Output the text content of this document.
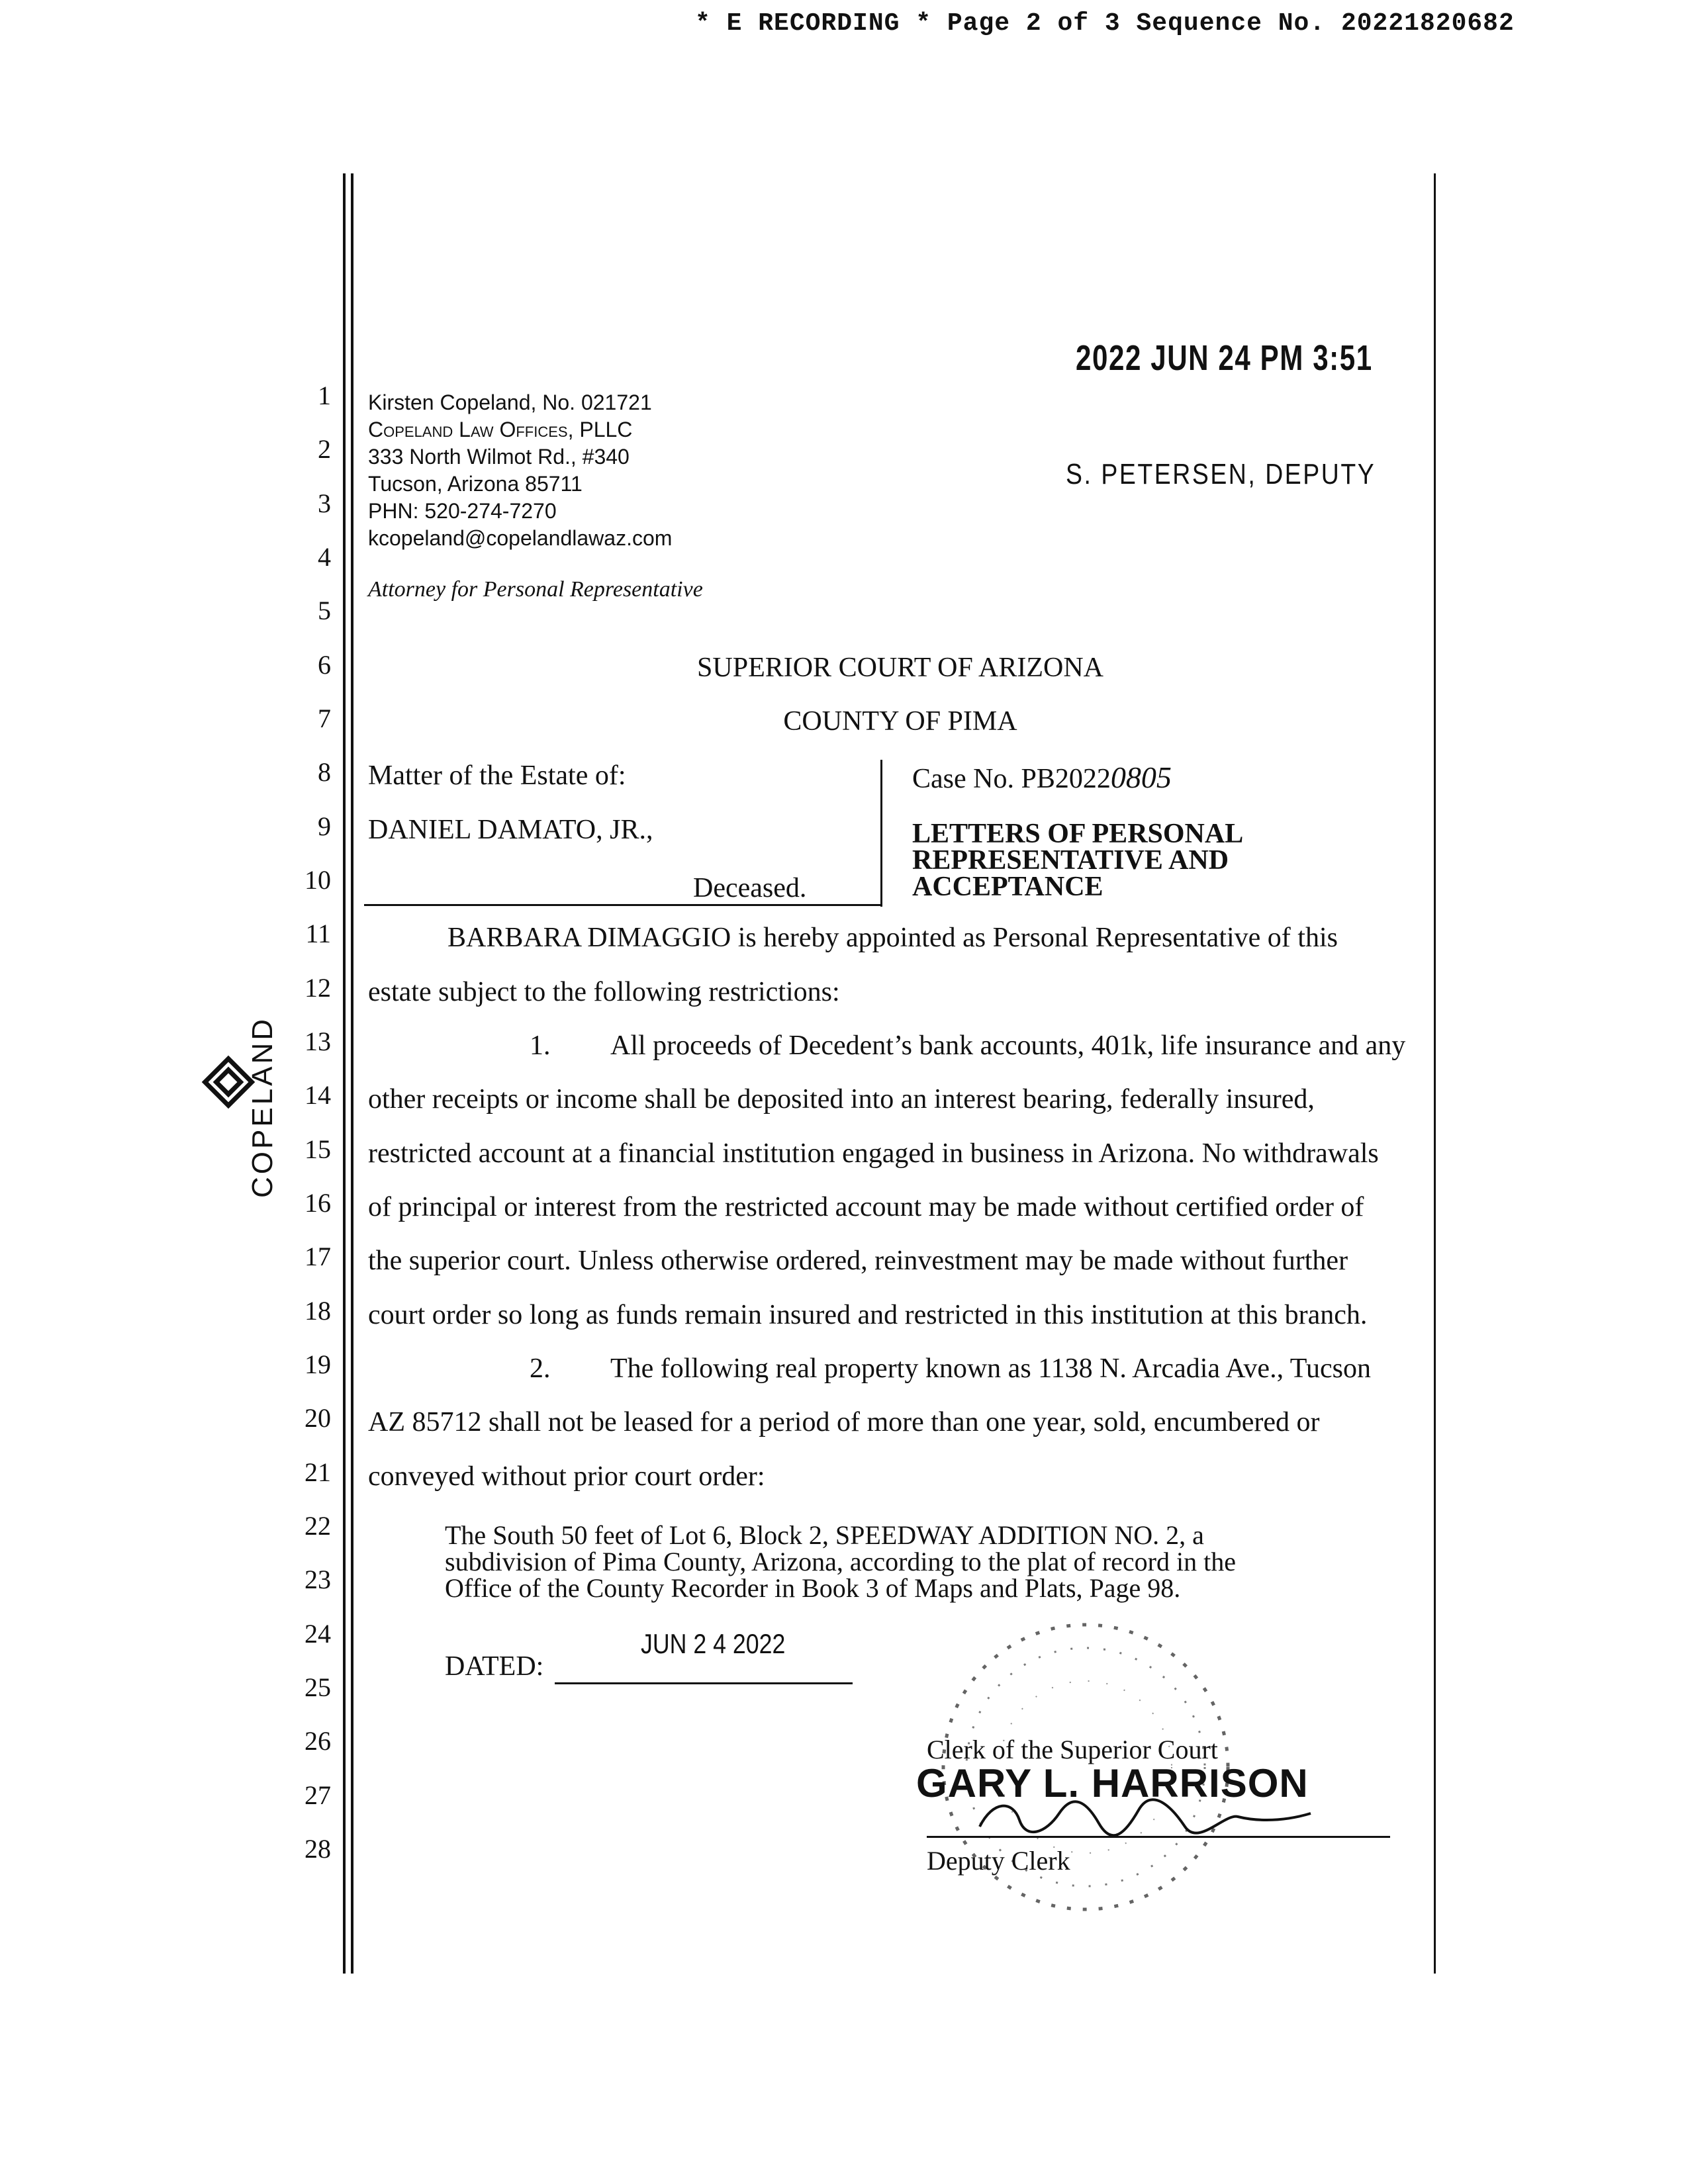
* E RECORDING * Page 2 of 3 Sequence No. 20221820682
1
2
3
4
5
6
7
8
9
10
11
12
13
14
15
16
17
18
19
20
21
22
23
24
25
26
27
28
COPELAND
2022 JUN 24 PM 3:51
S. PETERSEN, DEPUTY
Kirsten Copeland, No. 021721
Copeland Law Offices, PLLC
333 North Wilmot Rd., #340
Tucson, Arizona 85711
PHN: 520-274-7270
kcopeland@copelandlawaz.com
Attorney for Personal Representative
SUPERIOR COURT OF ARIZONA
COUNTY OF PIMA
Matter of the Estate of:
DANIEL DAMATO, JR.,
Deceased.
Case No. PB20220805
LETTERS OF PERSONAL
REPRESENTATIVE AND
ACCEPTANCE
BARBARA DIMAGGIO is hereby appointed as Personal Representative of this
estate subject to the following restrictions:
1. All proceeds of Decedent’s bank accounts, 401k, life insurance and any
other receipts or income shall be deposited into an interest bearing, federally insured,
restricted account at a financial institution engaged in business in Arizona. No withdrawals
of principal or interest from the restricted account may be made without certified order of
the superior court. Unless otherwise ordered, reinvestment may be made without further
court order so long as funds remain insured and restricted in this institution at this branch.
2. The following real property known as 1138 N. Arcadia Ave., Tucson
AZ 85712 shall not be leased for a period of more than one year, sold, encumbered or
conveyed without prior court order:
The South 50 feet of Lot 6, Block 2, SPEEDWAY ADDITION NO. 2, a
subdivision of Pima County, Arizona, according to the plat of record in the
Office of the County Recorder in Book 3 of Maps and Plats, Page 98.
DATED:
JUN 2 4 2022
Clerk of the Superior Court
GARY L. HARRISON
Deputy Clerk
